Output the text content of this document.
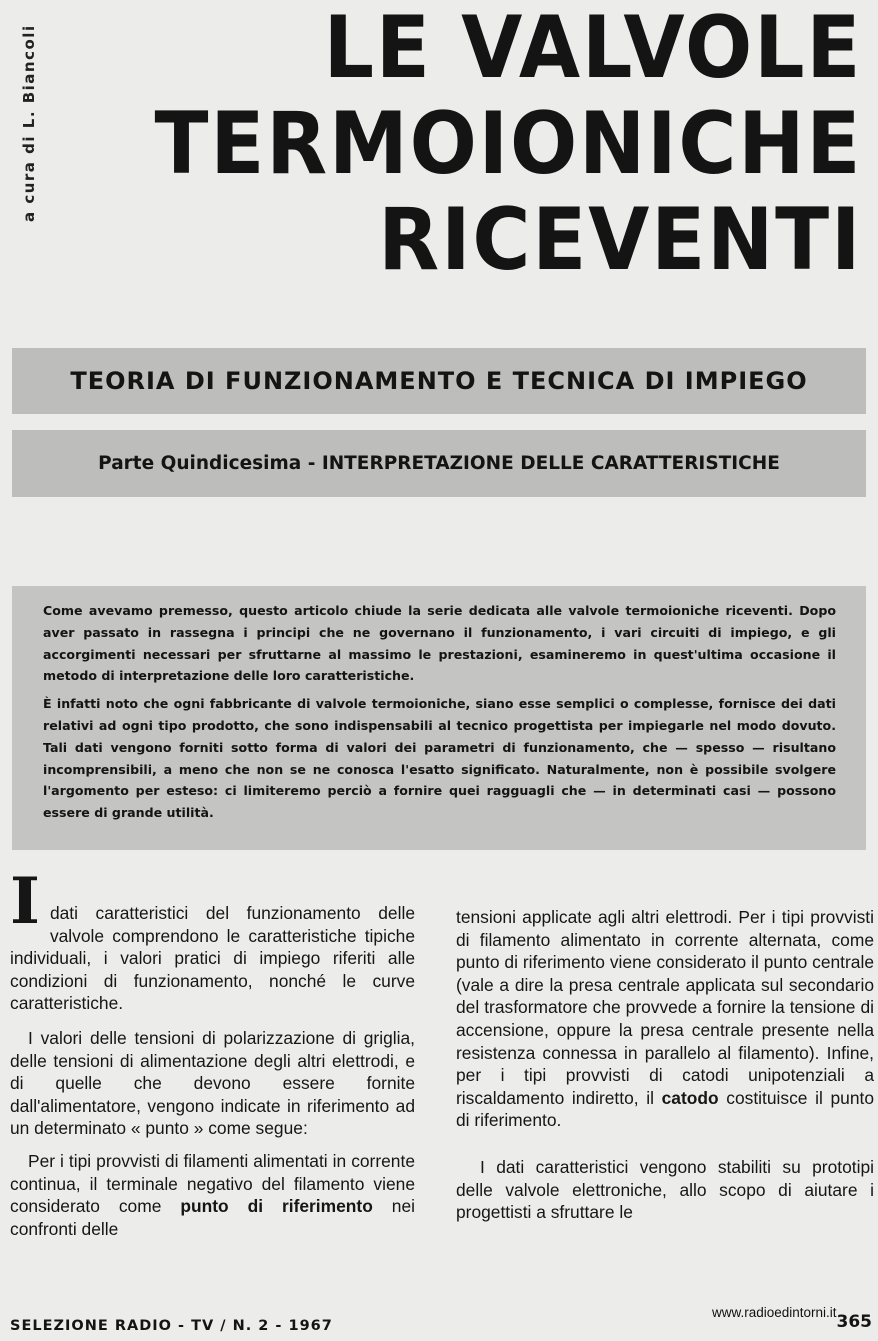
a cura di L. Biancoli	LE VALVOLE
TERMOIONICHE
RICEVENTI
TEORIA DI FUNZIONAMENTO E TECNICA DI IMPIEGO
Parte Quindicesima - INTERPRETAZIONE DELLE CARATTERISTICHE

Come avevamo premesso, questo articolo chiude la serie dedicata alle valvole termoioniche riceventi. Dopo aver passato in rassegna i principi che ne governano il funzionamento, i vari circuiti di impiego, e gli accorgimenti necessari per sfruttarne al massimo le prestazioni, esamineremo in quest'ultima occasione il metodo di interpretazione delle loro caratteristiche.

È infatti noto che ogni fabbricante di valvole termoioniche, siano esse semplici o complesse, fornisce dei dati relativi ad ogni tipo prodotto, che sono indispensabili al tecnico progettista per impiegarle nel modo dovuto. Tali dati vengono forniti sotto forma di valori dei parametri di funzionamento, che — spesso — risultano incomprensibili, a meno che non se ne conosca l'esatto significato. Naturalmente, non è possibile svolgere l'argomento per esteso: ci limiteremo perciò a fornire quei ragguagli che — in determinati casi — possono essere di grande utilità.

I dati caratteristici del funzionamento delle valvole comprendono le caratteristiche tipiche individuali, i valori pratici di impiego riferiti alle condizioni di funzionamento, nonché le curve caratteristiche.

I valori delle tensioni di polarizzazione di griglia, delle tensioni di alimentazione degli altri elettrodi, e di quelle che devono essere fornite dall'alimentatore, vengono indicate in riferimento ad un determinato « punto » come segue:

Per i tipi provvisti di filamenti alimentati in corrente continua, il terminale negativo del filamento viene considerato come punto di riferimento nei confronti delle

tensioni applicate agli altri elettrodi. Per i tipi provvisti di filamento alimentato in corrente alternata, come punto di riferimento viene considerato il punto centrale (vale a dire la presa centrale applicata sul secondario del trasformatore che provvede a fornire la tensione di accensione, oppure la presa centrale presente nella resistenza connessa in parallelo al filamento). Infine, per i tipi provvisti di catodi unipotenziali a riscaldamento indiretto, il catodo costituisce il punto di riferimento.

I dati caratteristici vengono stabiliti su prototipi delle valvole elettroniche, allo scopo di aiutare i progettisti a sfruttare le

SELEZIONE RADIO - TV / N. 2 - 1967
www.radioedintorni.it 365
